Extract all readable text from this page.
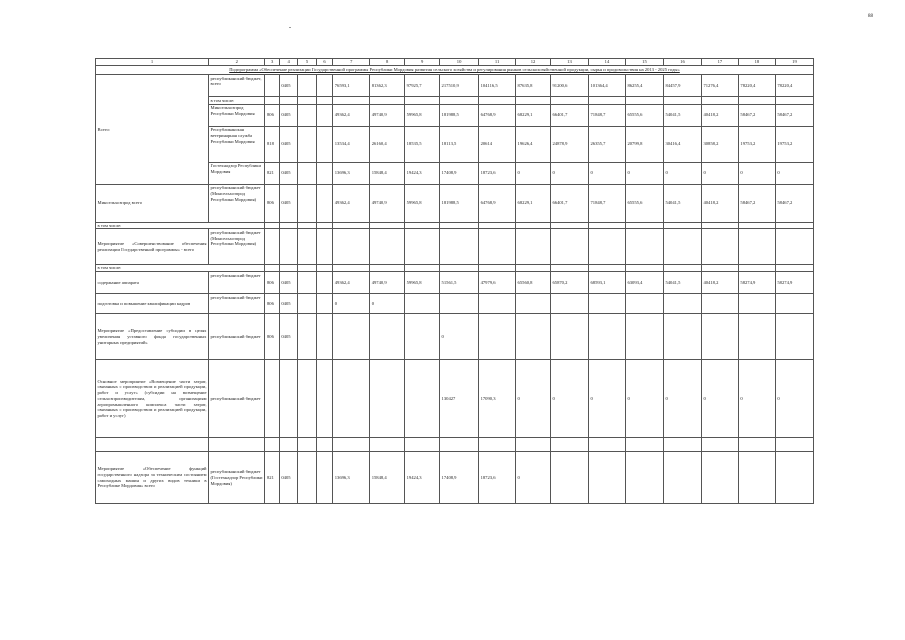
88
1	2	3	4	5	6	7	8	9	10	11	12	13	14	15	16	17	18	19
Подпрограмма «Обеспечение реализации Государственной программы Республики Мордовия развития сельского хозяйства и регулирования рынков сельскохозяйственной продукции, сырья и продовольствия на 2013 - 2025 годы»																		
Всего:	республиканский бюджет, всего		0405			76593,1	81362,3	97925,7	217510,9	104116,5	87635,8	91200,6	101364,4	86255,4	84457,9	71276,4	78220,4	78220,4
	в том числе:																	
	Минсельхозпрод Республики Мордовия	806	0405			49362,4	49740,9	59965,8	181988,5	64768,9	68229,1	66401,7	71848,7	65555,6	54041,5	40418,2	58467,2	58467,2
	Республиканская ветеринарная служба Республики Мордовия	818	0405			13534,4	26160,4	18535,5	18113,5	20614	19626,4	24878,9	26355,7	20799,8	30416,4	30858,2	19753,2	19753,2
	Гостехнадзор Республики Мордовия	821	0405			13696,3	15848,4	19424,3	17408,9	18723,6	0	0	0	0	0	0	0	0
Минсельхозпрод всего	республиканский бюджет (Минсельхозпрод Республики Мордовия)	806	0405			49362,4	49740,9	59965,8	181988,5	64768,9	68229,1	66401,7	71848,7	65555,6	54041,5	40418,2	58467,2	58467,2
в том числе:																		
Мероприятие «Совершенствование обеспечения реализации Государственной программы» - всего	республиканский бюджет (Минсельхозпрод Республики Мордовия)																	
в том числе:																		
содержание аппарата	республиканский бюджет	806	0405			49362,4	49740,9	59965,8	51561,5	47979,6	65560,8	65870,2	68593,1	63093,4	54041,5	40418,2	58274,9	58274,9
подготовка и повышение квалификации кадров	республиканский бюджет	806	0405			0	0											
Мероприятие «Предоставление субсидии в целях увеличения уставного фонда государственных унитарных предприятий»	республиканский бюджет	806	0405						0									
Основное мероприятие «Возмещение части затрат, связанных с производством и реализацией продукции, работ и услуг» (субсидии на возмещение сельхозпроизводителям, организациям агропромышленного комплекса части затрат, связанных с производством и реализацией продукции, работ и услуг)	республиканский бюджет								130427	17090,3	0	0	0	0	0	0	0	0

Мероприятие «Обеспечение функций государственного надзора за техническим состоянием самоходных машин и других видов техники в Республике Мордовия» всего	республиканский бюджет (Гостехнадзор Республики Мордовия)	821	0405			13696,3	15848,4	19424,3	17408,9	18723,6	0							
